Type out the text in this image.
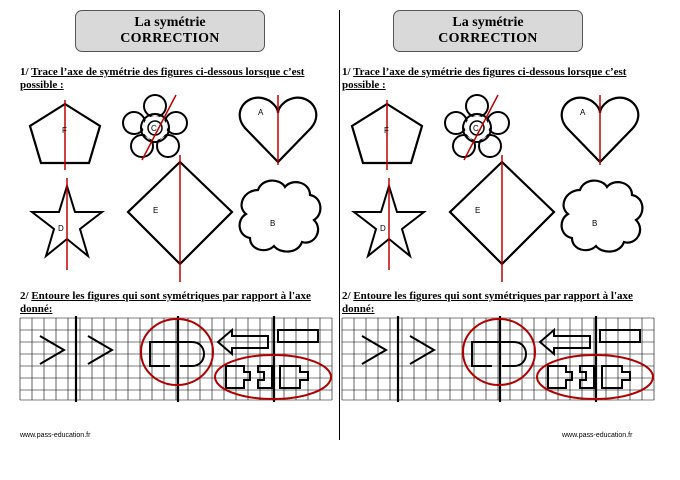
La symétrie
CORRECTION
1/ Trace l’axe de symétrie des figures ci-dessous lorsque c’est possible :
2/ Entoure les figures qui sont symétriques par rapport à l'axe donné:
www.pass-education.fr
F	C
A
D
E
B
La symétrie
CORRECTION
1/ Trace l’axe de symétrie des figures ci-dessous lorsque c’est possible :
2/ Entoure les figures qui sont symétriques par rapport à l'axe donné:
www.pass-education.fr
F	C
A
D
E
B
